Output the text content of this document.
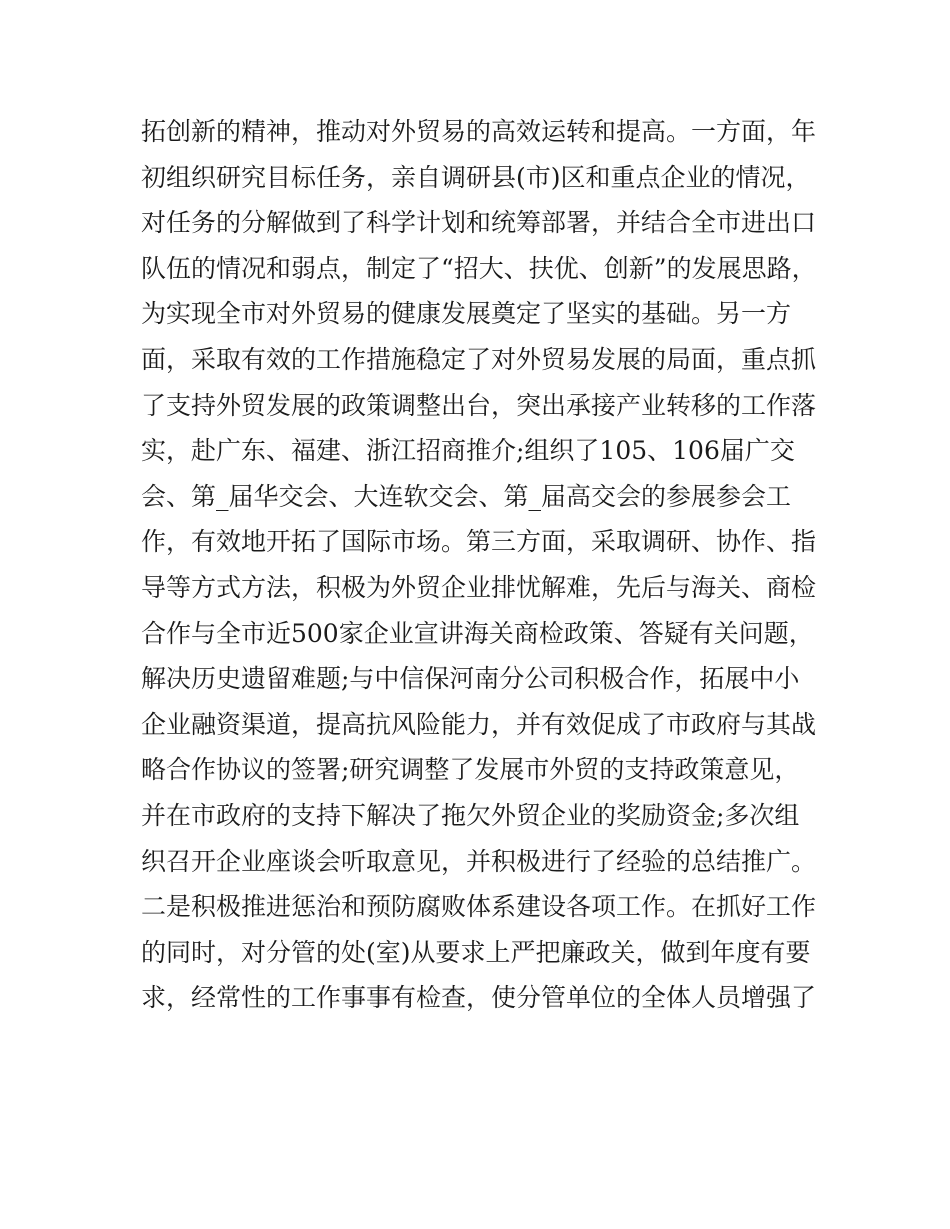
拓创新的精神，推动对外贸易的高效运转和提高。一方面，年
初组织研究目标任务，亲自调研县(市)区和重点企业的情况，
对任务的分解做到了科学计划和统筹部署，并结合全市进出口
队伍的情况和弱点，制定了“招大、扶优、创新”的发展思路，
为实现全市对外贸易的健康发展奠定了坚实的基础。另一方
面，采取有效的工作措施稳定了对外贸易发展的局面，重点抓
了支持外贸发展的政策调整出台，突出承接产业转移的工作落
实，赴广东、福建、浙江招商推介;组织了105、106届广交
会、第_届华交会、大连软交会、第_届高交会的参展参会工
作，有效地开拓了国际市场。第三方面，采取调研、协作、指
导等方式方法，积极为外贸企业排忧解难，先后与海关、商检
合作与全市近500家企业宣讲海关商检政策、答疑有关问题，
解决历史遗留难题;与中信保河南分公司积极合作，拓展中小
企业融资渠道，提高抗风险能力，并有效促成了市政府与其战
略合作协议的签署;研究调整了发展市外贸的支持政策意见，
并在市政府的支持下解决了拖欠外贸企业的奖励资金;多次组
织召开企业座谈会听取意见，并积极进行了经验的总结推广。
二是积极推进惩治和预防腐败体系建设各项工作。在抓好工作
的同时，对分管的处(室)从要求上严把廉政关，做到年度有要
求，经常性的工作事事有检查，使分管单位的全体人员增强了
